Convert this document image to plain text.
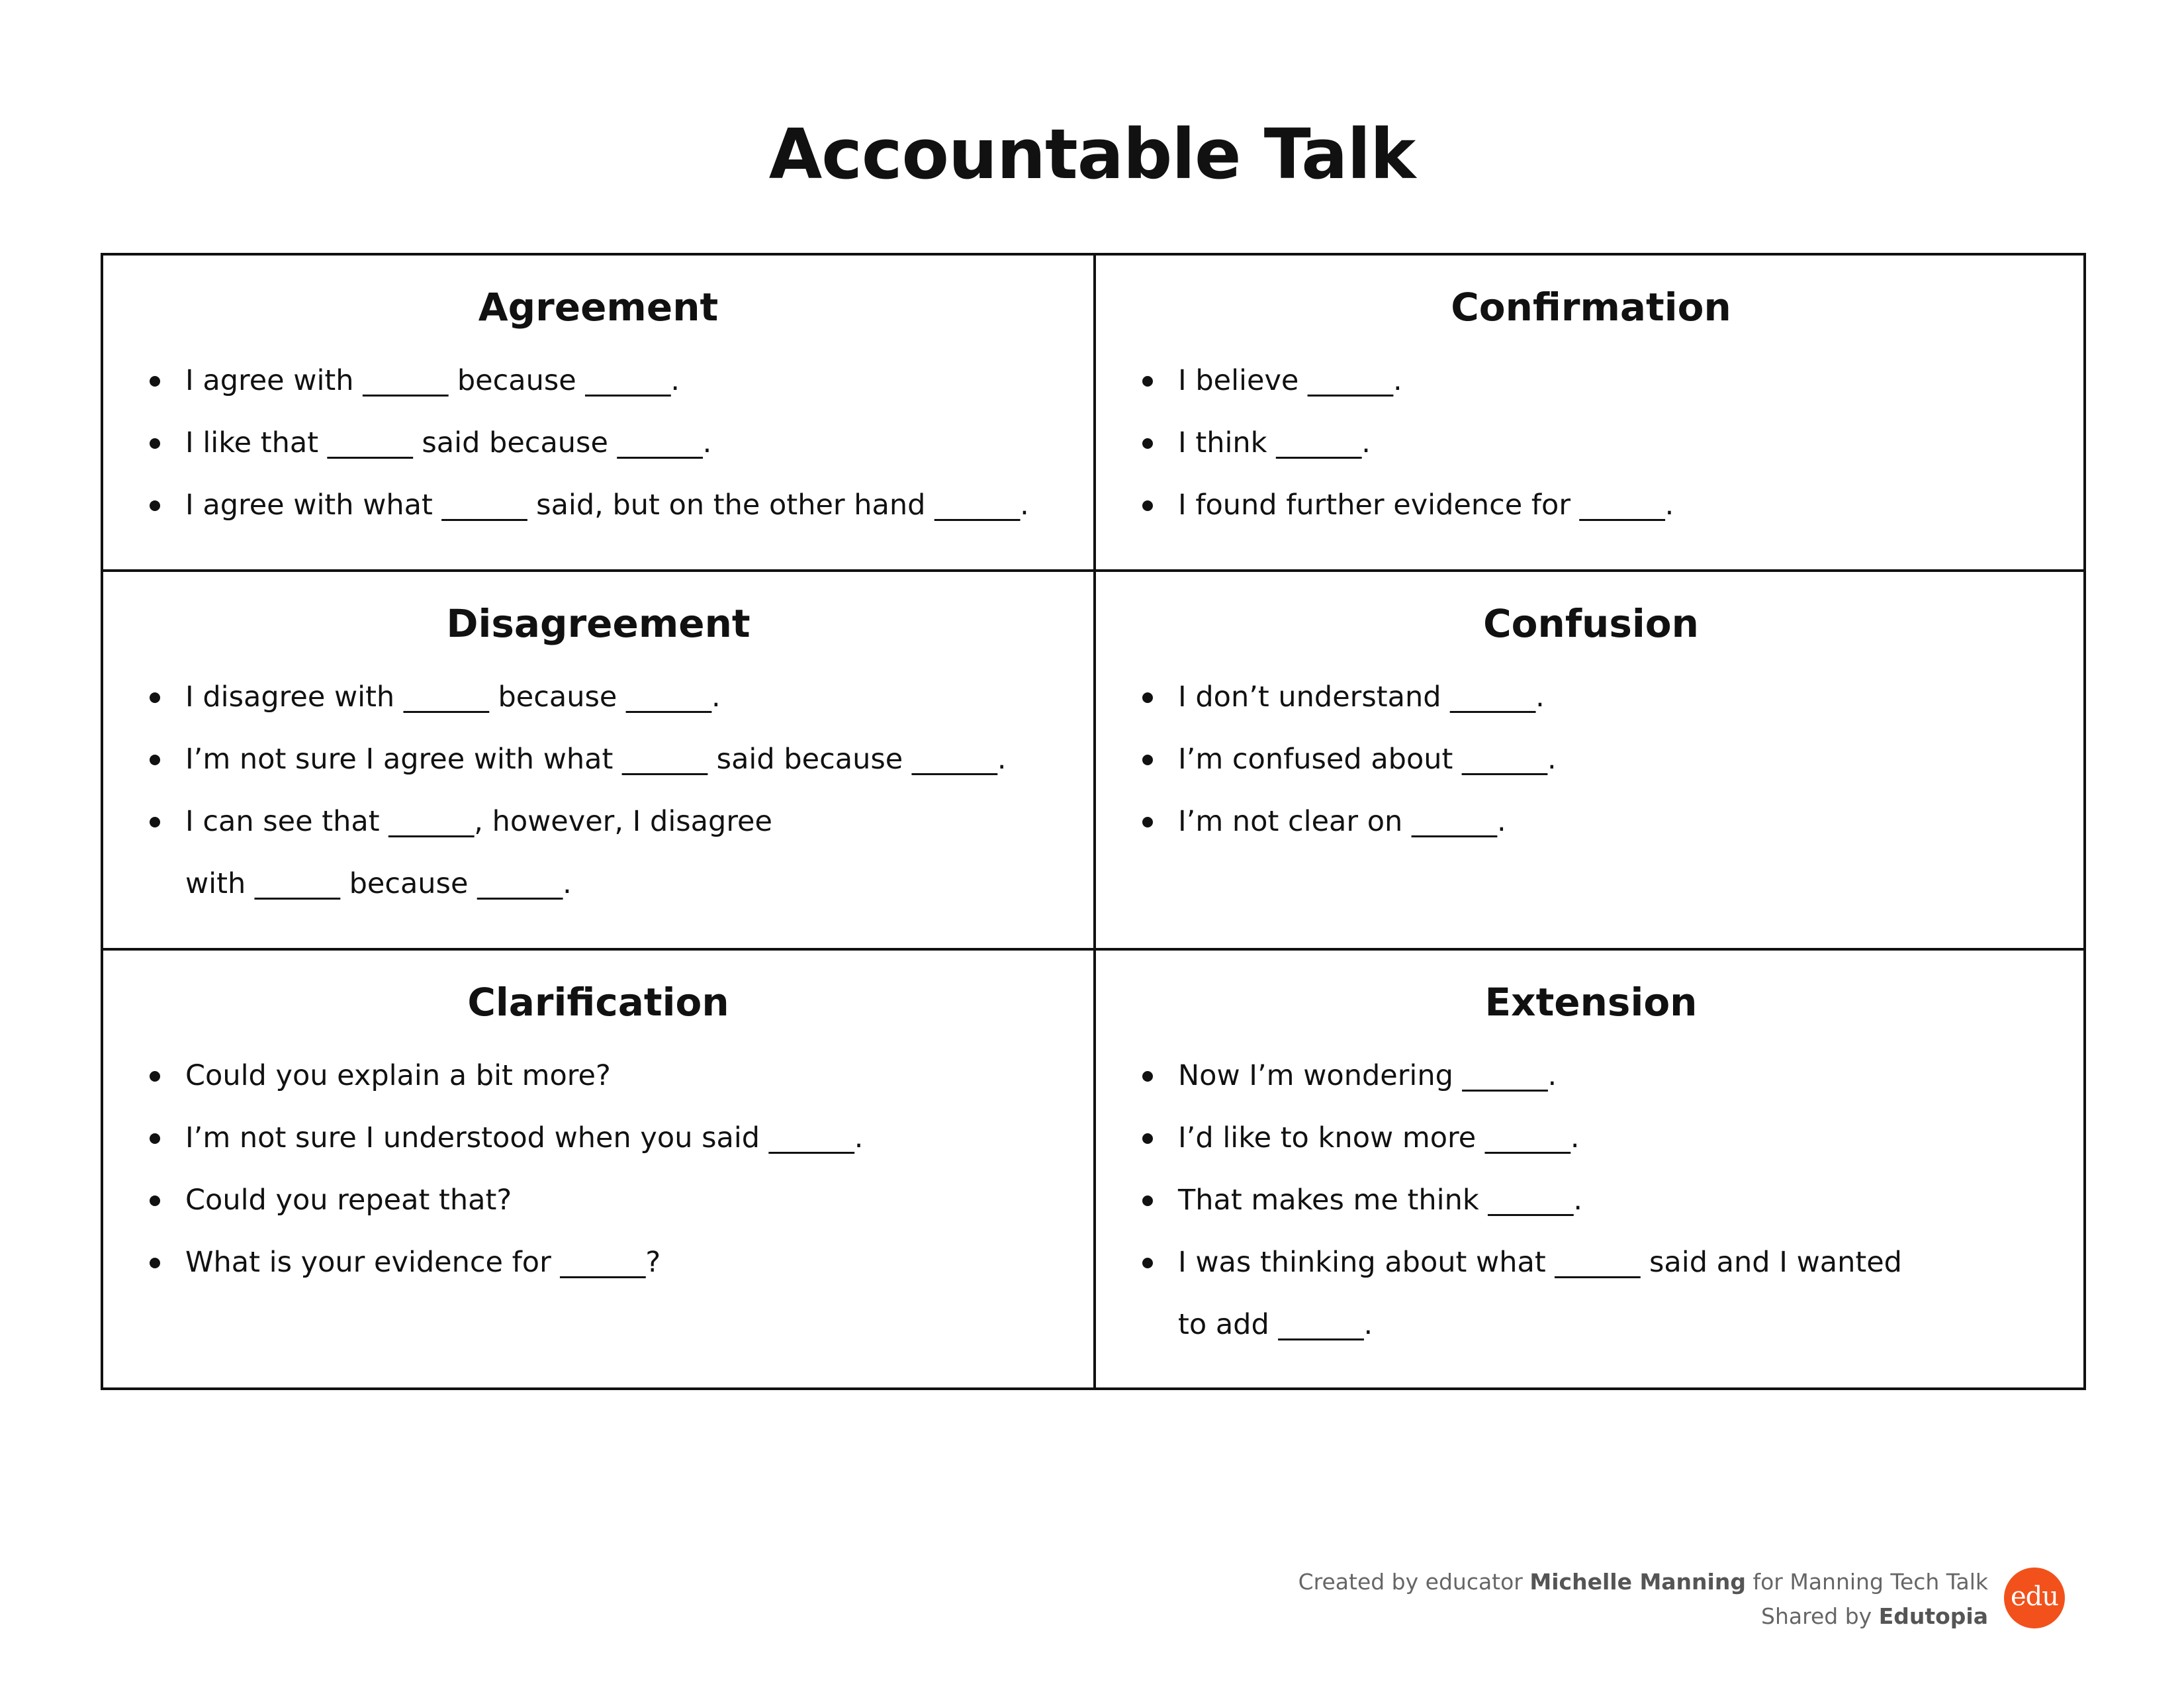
Accountable Talk
Agreement
I agree with ______ because ______.
I like that ______ said because ______.
I agree with what ______ said, but on the other hand ______.
Confirmation
I believe ______.
I think ______.
I found further evidence for ______.
Disagreement
I disagree with ______ because ______.
I’m not sure I agree with what ______ said because ______.
I can see that ______, however, I disagree with ______ because ______.
Confusion
I don’t understand ______.
I’m confused about ______.
I’m not clear on ______.
Clarification
Could you explain a bit more?
I’m not sure I understood when you said ______.
Could you repeat that?
What is your evidence for ______?
Extension
Now I’m wondering ______.
I’d like to know more ______.
That makes me think ______.
I was thinking about what ______ said and I wanted to add ______.
Created by educator Michelle Manning for Manning Tech Talk
Shared by Edutopia
edu
